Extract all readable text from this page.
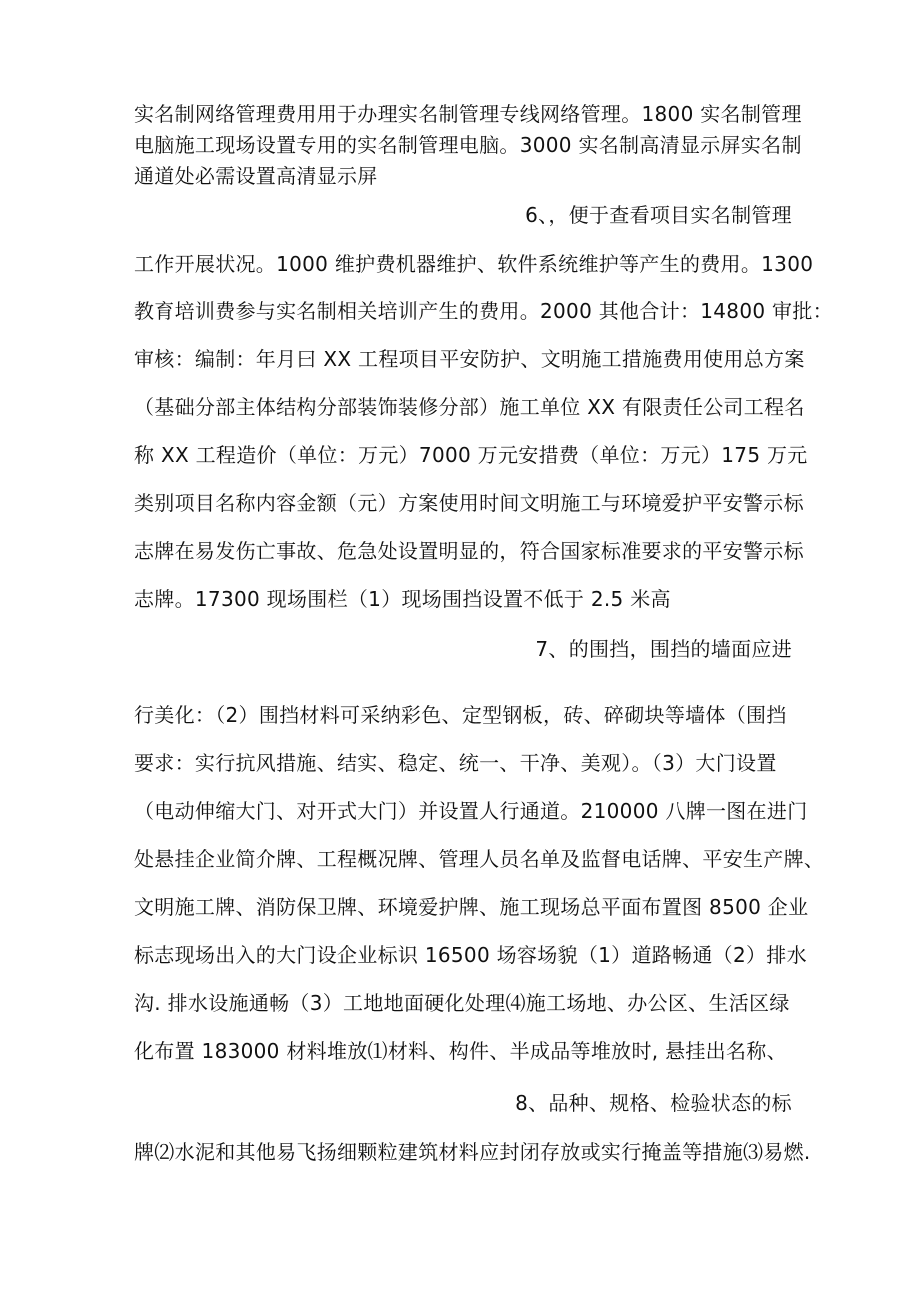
实名制网络管理费用用于办理实名制管理专线网络管理。1800 实名制管理
电脑施工现场设置专用的实名制管理电脑。3000 实名制高清显示屏实名制
通道处必需设置高清显示屏
6、，便于查看项目实名制管理
工作开展状况。1000 维护费机器维护、软件系统维护等产生的费用。1300
教育培训费参与实名制相关培训产生的费用。2000 其他合计：14800 审批：
审核：编制：年月曰 XX 工程项目平安防护、文明施工措施费用使用总方案
（基础分部主体结构分部装饰装修分部）施工单位 XX 有限责任公司工程名
称 XX 工程造价（单位：万元）7000 万元安措费（单位：万元）175 万元
类别项目名称内容金额（元）方案使用时间文明施工与环境爱护平安警示标
志牌在易发伤亡事故、危急处设置明显的，符合国家标准要求的平安警示标
志牌。17300 现场围栏（1）现场围挡设置不低于 2.5 米高
7、的围挡，围挡的墙面应进
行美化：（2）围挡材料可采纳彩色、定型钢板，砖、碎砌块等墙体（围挡
要求：实行抗风措施、结实、稳定、统一、干净、美观）。（3）大门设置
（电动伸缩大门、对开式大门）并设置人行通道。210000 八牌一图在进门
处悬挂企业简介牌、工程概况牌、管理人员名单及监督电话牌、平安生产牌、
文明施工牌、消防保卫牌、环境爱护牌、施工现场总平面布置图 8500 企业
标志现场出入的大门设企业标识 16500 场容场貌（1）道路畅通（2）排水
沟. 排水设施通畅（3）工地地面硬化处理⑷施工场地、办公区、生活区绿
化布置 183000 材料堆放⑴材料、构件、半成品等堆放时, 悬挂出名称、
8、品种、规格、检验状态的标
牌⑵水泥和其他易飞扬细颗粒建筑材料应封闭存放或实行掩盖等措施⑶易燃.
